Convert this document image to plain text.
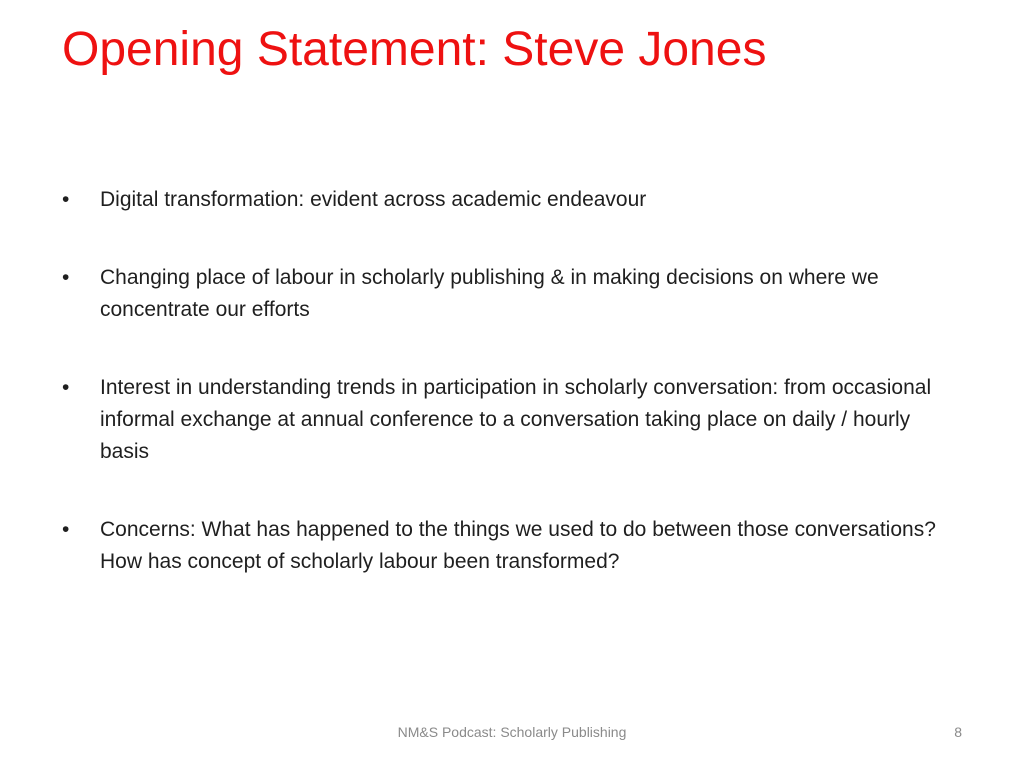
Opening Statement: Steve Jones
•	Digital transformation: evident across academic endeavour
•	Changing place of labour in scholarly publishing & in making decisions on where we concentrate our efforts
•	Interest in understanding trends in participation in scholarly conversation: from occasional informal exchange at annual conference to a conversation taking place on daily / hourly basis
•	Concerns: What has happened to the things we used to do between those conversations? How has concept of scholarly labour been transformed?
NM&S Podcast: Scholarly Publishing	8
